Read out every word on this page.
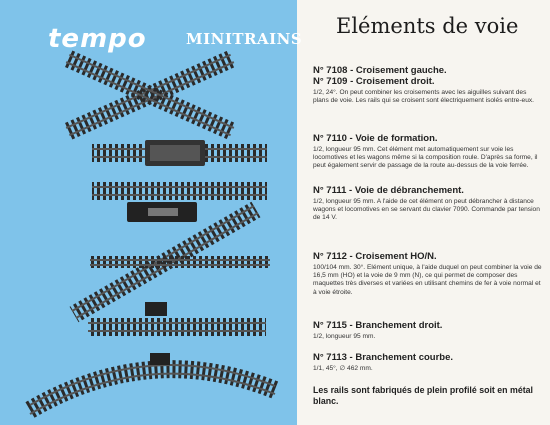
tempo	MINITRAINS
Eléments de voie

N° 7108 - Croisement gauche.

N° 7109 - Croisement droit.

1/2, 24°. On peut combiner les croisements avec les aiguilles suivant des plans de voie. Les rails qui se croisent sont électriquement isolés entre-eux.

N° 7110 - Voie de formation.

1/2, longueur 95 mm. Cet élément met automatiquement sur voie les locomotives et les wagons même si la composition roule. D'après sa forme, il peut également servir de passage de la route au-dessus de la voie ferrée.

N° 7111 - Voie de débranchement.

1/2, longueur 95 mm. A l'aide de cet élément on peut débrancher à distance wagons et locomotives en se servant du clavier 7090. Commande par tension de 14 V.

N° 7112 - Croisement HO/N.

100/104 mm. 30°. Elément unique, à l'aide duquel on peut combiner la voie de 16,5 mm (HO) et la voie de 9 mm (N), ce qui permet de composer des maquettes très diverses et variées en utilisant chemins de fer à voie normal et à voie étroite.

N° 7115 - Branchement droit.

1/2, longueur 95 mm.

N° 7113 - Branchement courbe.

1/1, 45°, ∅ 462 mm.

Les rails sont fabriqués de plein profilé soit en métal blanc.
